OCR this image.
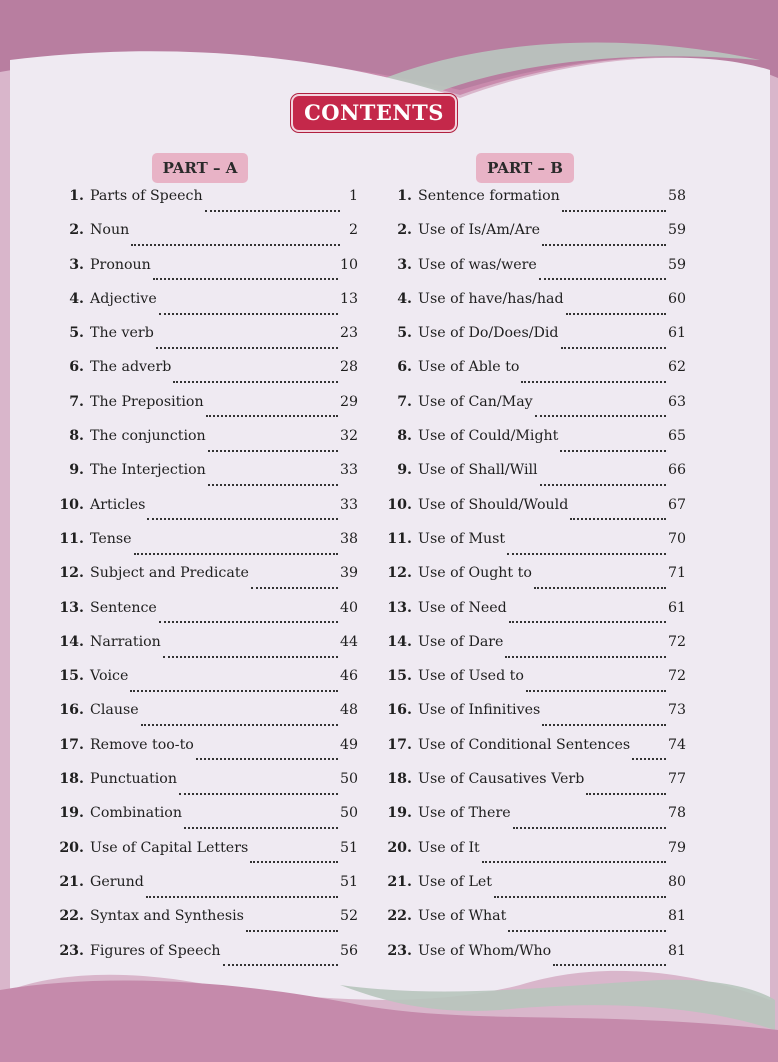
CONTENTS
PART – A	PART – B
1. Parts of Speech	1
2. Noun	2
3. Pronoun	10
4. Adjective	13
5. The verb	23
6. The adverb	28
7. The Preposition	29
8. The conjunction	32
9. The Interjection	33
10. Articles	33
11. Tense	38
12. Subject and Predicate	39
13. Sentence	40
14. Narration	44
15. Voice	46
16. Clause	48
17. Remove too-to	49
18. Punctuation	50
19. Combination	50
20. Use of Capital Letters	51
21. Gerund	51
22. Syntax and Synthesis	52
23. Figures of Speech	56
1. Sentence formation	58
2. Use of Is/Am/Are	59
3. Use of was/were	59
4. Use of have/has/had	60
5. Use of Do/Does/Did	61
6. Use of Able to	62
7. Use of Can/May	63
8. Use of Could/Might	65
9. Use of Shall/Will	66
10. Use of Should/Would	67
11. Use of Must	70
12. Use of Ought to	71
13. Use of Need	61
14. Use of Dare	72
15. Use of Used to	72
16. Use of Infinitives	73
17. Use of Conditional Sentences	74
18. Use of Causatives Verb	77
19. Use of There	78
20. Use of It	79
21. Use of Let	80
22. Use of What	81
23. Use of Whom/Who	81
